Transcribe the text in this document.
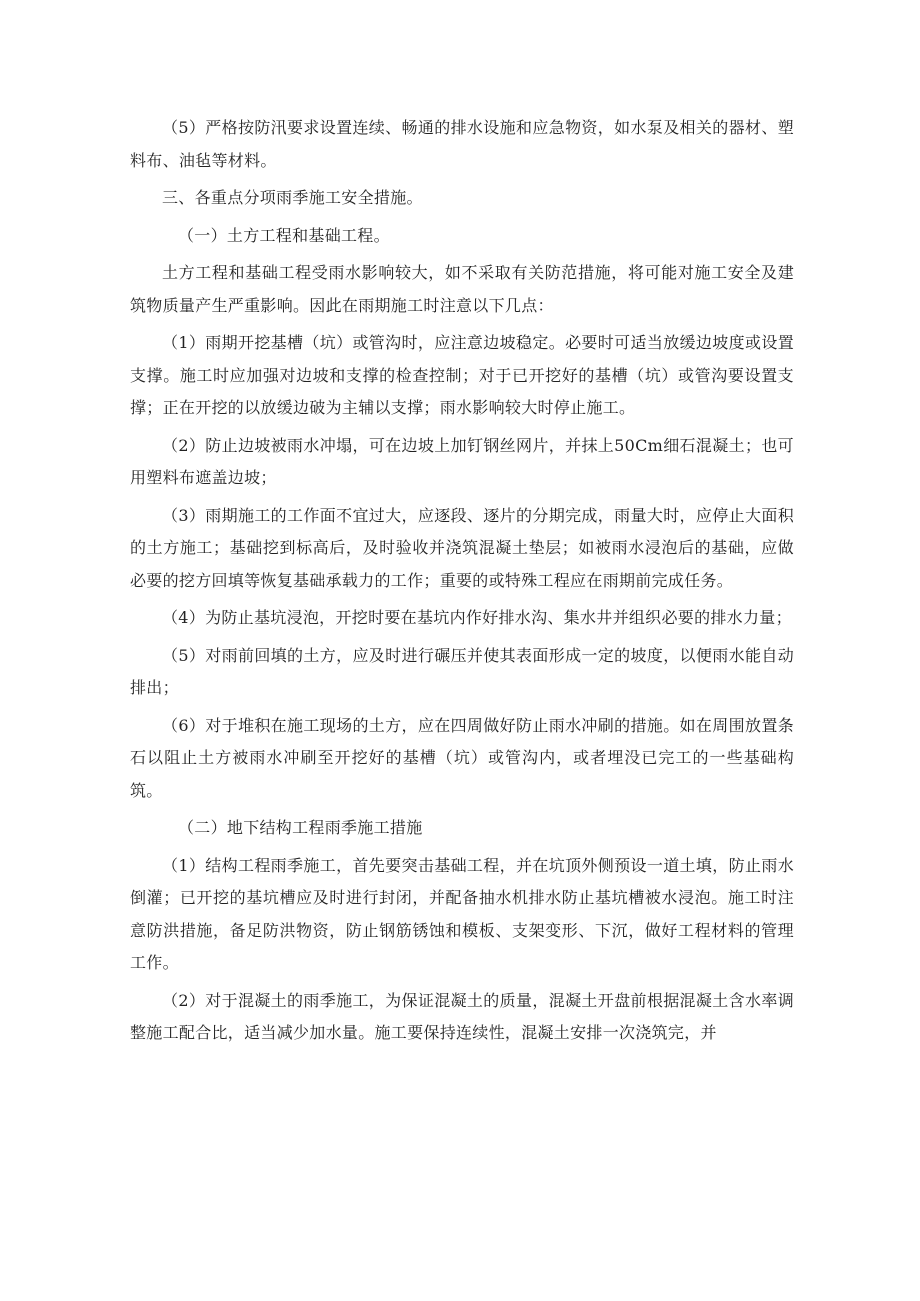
（5）严格按防汛要求设置连续、畅通的排水设施和应急物资，如水泵及相关的器材、塑料布、油毡等材料。

三、各重点分项雨季施工安全措施。

（一）土方工程和基础工程。

土方工程和基础工程受雨水影响较大，如不采取有关防范措施，将可能对施工安全及建筑物质量产生严重影响。因此在雨期施工时注意以下几点：

（1）雨期开挖基槽（坑）或管沟时，应注意边坡稳定。必要时可适当放缓边坡度或设置支撑。施工时应加强对边坡和支撑的检查控制；对于已开挖好的基槽（坑）或管沟要设置支撑；正在开挖的以放缓边破为主辅以支撑；雨水影响较大时停止施工。

（2）防止边坡被雨水冲塌，可在边坡上加钉钢丝网片，并抹上50Cm细石混凝土；也可用塑料布遮盖边坡；

（3）雨期施工的工作面不宜过大，应逐段、逐片的分期完成，雨量大时，应停止大面积的土方施工；基础挖到标高后，及时验收并浇筑混凝土垫层；如被雨水浸泡后的基础，应做必要的挖方回填等恢复基础承载力的工作；重要的或特殊工程应在雨期前完成任务。

（4）为防止基坑浸泡，开挖时要在基坑内作好排水沟、集水井并组织必要的排水力量；

（5）对雨前回填的土方，应及时进行碾压并使其表面形成一定的坡度，以便雨水能自动排出；

（6）对于堆积在施工现场的土方，应在四周做好防止雨水冲刷的措施。如在周围放置条石以阻止土方被雨水冲刷至开挖好的基槽（坑）或管沟内，或者埋没已完工的一些基础构筑。

（二）地下结构工程雨季施工措施

（1）结构工程雨季施工，首先要突击基础工程，并在坑顶外侧预设一道土填，防止雨水倒灌；已开挖的基坑槽应及时进行封闭，并配备抽水机排水防止基坑槽被水浸泡。施工时注意防洪措施，备足防洪物资，防止钢筋锈蚀和模板、支架变形、下沉，做好工程材料的管理工作。

（2）对于混凝土的雨季施工，为保证混凝土的质量，混凝土开盘前根据混凝土含水率调整施工配合比，适当减少加水量。施工要保持连续性，混凝土安排一次浇筑完，并
